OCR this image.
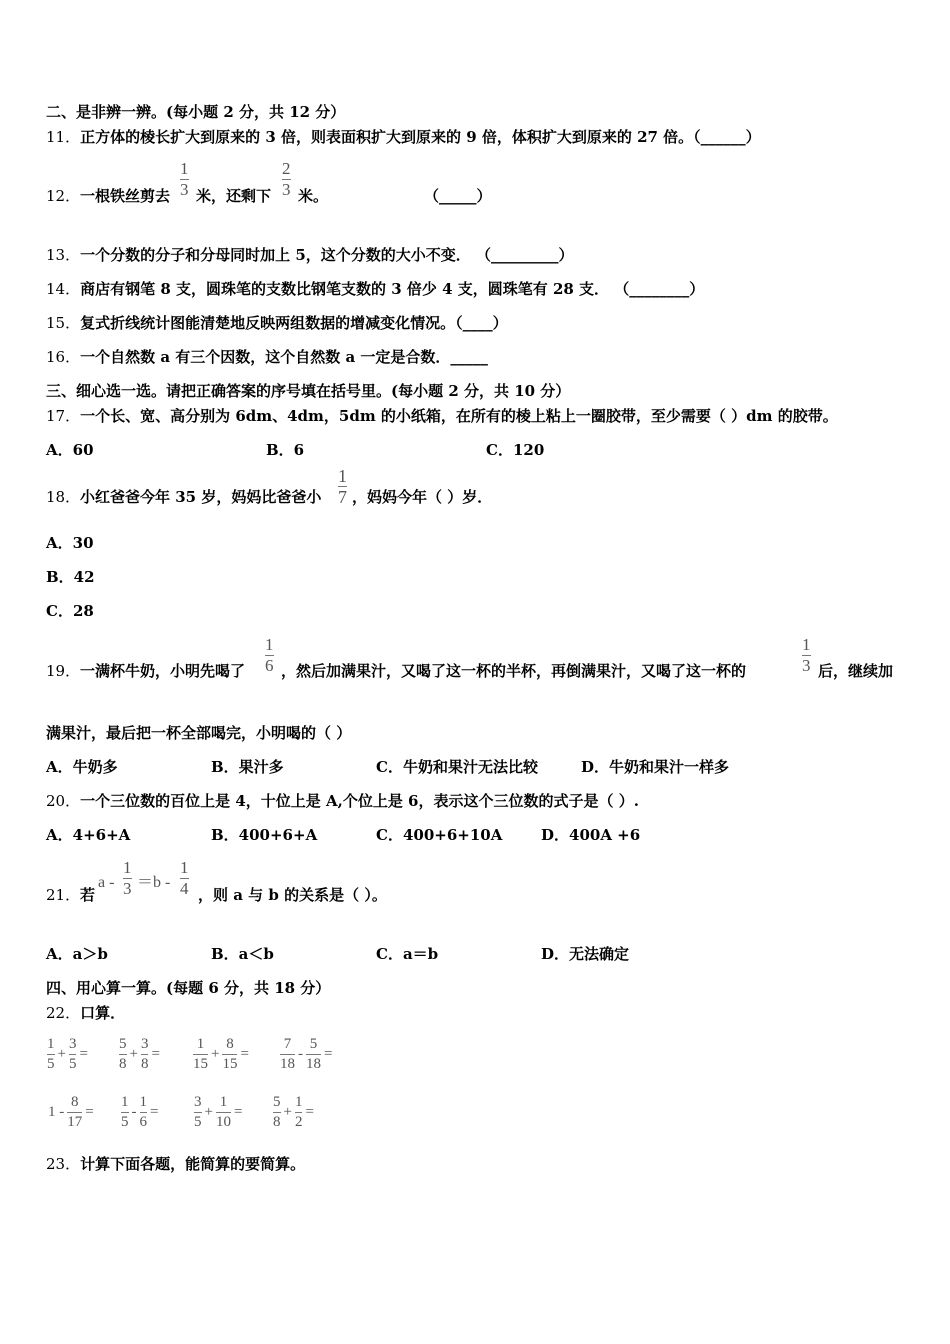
二、是非辨一辨。(每小题 2 分，共 12 分）
11．正方体的棱长扩大到原来的 3 倍，则表面积扩大到原来的 9 倍，体积扩大到原来的 27 倍。（______）
12． 一根铁丝剪去
1
3 米，还剩下
2
3 米。	（_____）
13．一个分数的分子和分母同时加上 5，这个分数的大小不变． （_________）
14．商店有钢笔 8 支，圆珠笔的支数比钢笔支数的 3 倍少 4 支，圆珠笔有 28 支． （________）
15．复式折线统计图能清楚地反映两组数据的增减变化情况。（____）
16．一个自然数 a 有三个因数，这个自然数 a 一定是合数．_____
三、细心选一选。请把正确答案的序号填在括号里。(每小题 2 分，共 10 分）
17．一个长、宽、高分别为 6dm、4dm，5dm 的小纸箱，在所有的棱上粘上一圈胶带，至少需要（ ）dm 的胶带。
A．60	B．6	C．120
18． 小红爸爸今年 35 岁，妈妈比爸爸小
1
7 ，妈妈今年（ ）岁．
A．30
B．42
C．28
19． 一满杯牛奶，小明先喝了
1
6 ，然后加满果汁，又喝了这一杯的半杯，再倒满果汁，又喝了这一杯的
1
3 后，继续加
满果汁，最后把一杯全部喝完，小明喝的（ ）
A．牛奶多	B．果汁多	C．牛奶和果汁无法比较	D．牛奶和果汁一样多
20．一个三位数的百位上是 4，十位上是 A,个位上是 6，表示这个三位数的式子是（ ）.
A．4+6+A	B．400+6+A	C．400+6+10A	D．400A +6
21． 若
a -
1
3 ＝b -
1
4 ，则 a 与 b 的关系是（ ）。
A．a＞b	B．a＜b	C．a＝b	D．无法确定
四、用心算一算。(每题 6 分，共 18 分）
22．口算．
1
5
+
3
5
=
5
8
+
3
8
=
1
15
+
8
15
=
7
18
-
5
18
=
1 -
8
17
=
1
5
-
1
6
=
3
5
+
1
10
=
5
8
+
1
2
=
23．计算下面各题，能简算的要简算。
